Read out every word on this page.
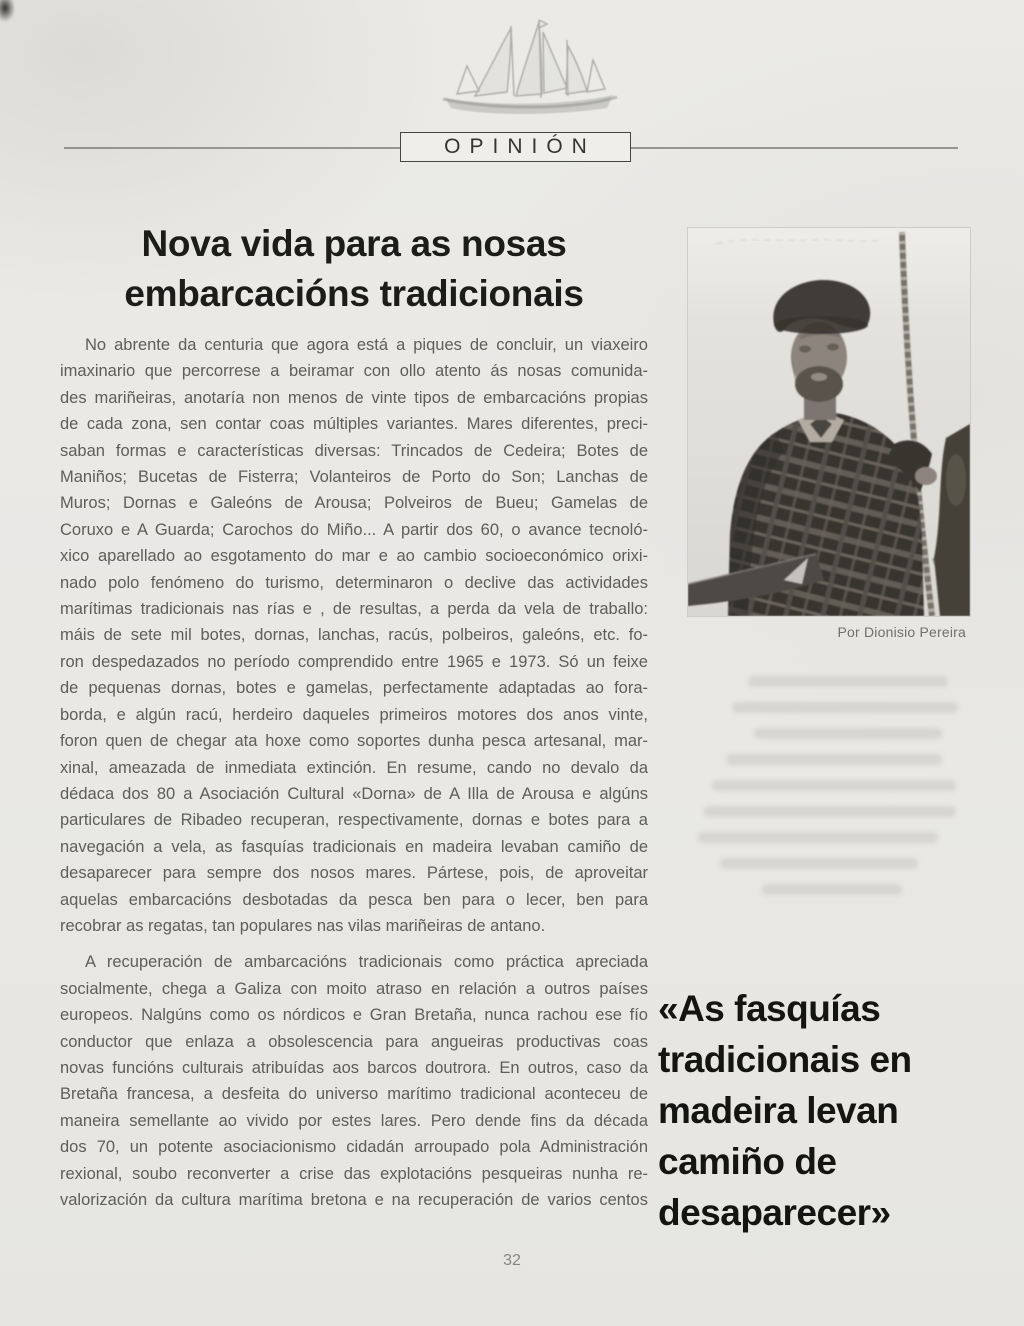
OPINIÓN
Nova vida para as nosas
embarcacións tradicionais
No abrente da centuria que agora está a piques de concluir, un viaxeiro
imaxinario que percorrese a beiramar con ollo atento ás nosas comunida-
des mariñeiras, anotaría non menos de vinte tipos de embarcacións propias
de cada zona, sen contar coas múltiples variantes. Mares diferentes, preci-
saban formas e características diversas: Trincados de Cedeira; Botes de
Maniños; Bucetas de Fisterra; Volanteiros de Porto do Son; Lanchas de
Muros; Dornas e Galeóns de Arousa; Polveiros de Bueu; Gamelas de
Coruxo e A Guarda; Carochos do Miño... A partir dos 60, o avance tecnoló-
xico aparellado ao esgotamento do mar e ao cambio socioeconómico orixi-
nado polo fenómeno do turismo, determinaron o declive das actividades
marítimas tradicionais nas rías e , de resultas, a perda da vela de traballo:
máis de sete mil botes, dornas, lanchas, racús, polbeiros, galeóns, etc. fo-
ron despedazados no período comprendido entre 1965 e 1973. Só un feixe
de pequenas dornas, botes e gamelas, perfectamente adaptadas ao fora-
borda, e algún racú, herdeiro daqueles primeiros motores dos anos vinte,
foron quen de chegar ata hoxe como soportes dunha pesca artesanal, mar-
xinal, ameazada de inmediata extinción. En resume, cando no devalo da
dédaca dos 80 a Asociación Cultural «Dorna» de A Illa de Arousa e algúns
particulares de Ribadeo recuperan, respectivamente, dornas e botes para a
navegación a vela, as fasquías tradicionais en madeira levaban camiño de
desaparecer para sempre dos nosos mares. Pártese, pois, de aproveitar
aquelas embarcacións desbotadas da pesca ben para o lecer, ben para
recobrar as regatas, tan populares nas vilas mariñeiras de antano.
A recuperación de ambarcacións tradicionais como práctica apreciada
socialmente, chega a Galiza con moito atraso en relación a outros países
europeos. Nalgúns como os nórdicos e Gran Bretaña, nunca rachou ese fío
conductor que enlaza a obsolescencia para angueiras productivas coas
novas funcións culturais atribuídas aos barcos doutrora. En outros, caso da
Bretaña francesa, a desfeita do universo marítimo tradicional aconteceu de
maneira semellante ao vivido por estes lares. Pero dende fins da década
dos 70, un potente asociacionismo cidadán arroupado pola Administración
rexional, soubo reconverter a crise das explotacións pesqueiras nunha re-
valorización da cultura marítima bretona e na recuperación de varios centos
Por Dionisio Pereira
«As fasquías
tradicionais en
madeira levan
camiño de
desaparecer»
32
